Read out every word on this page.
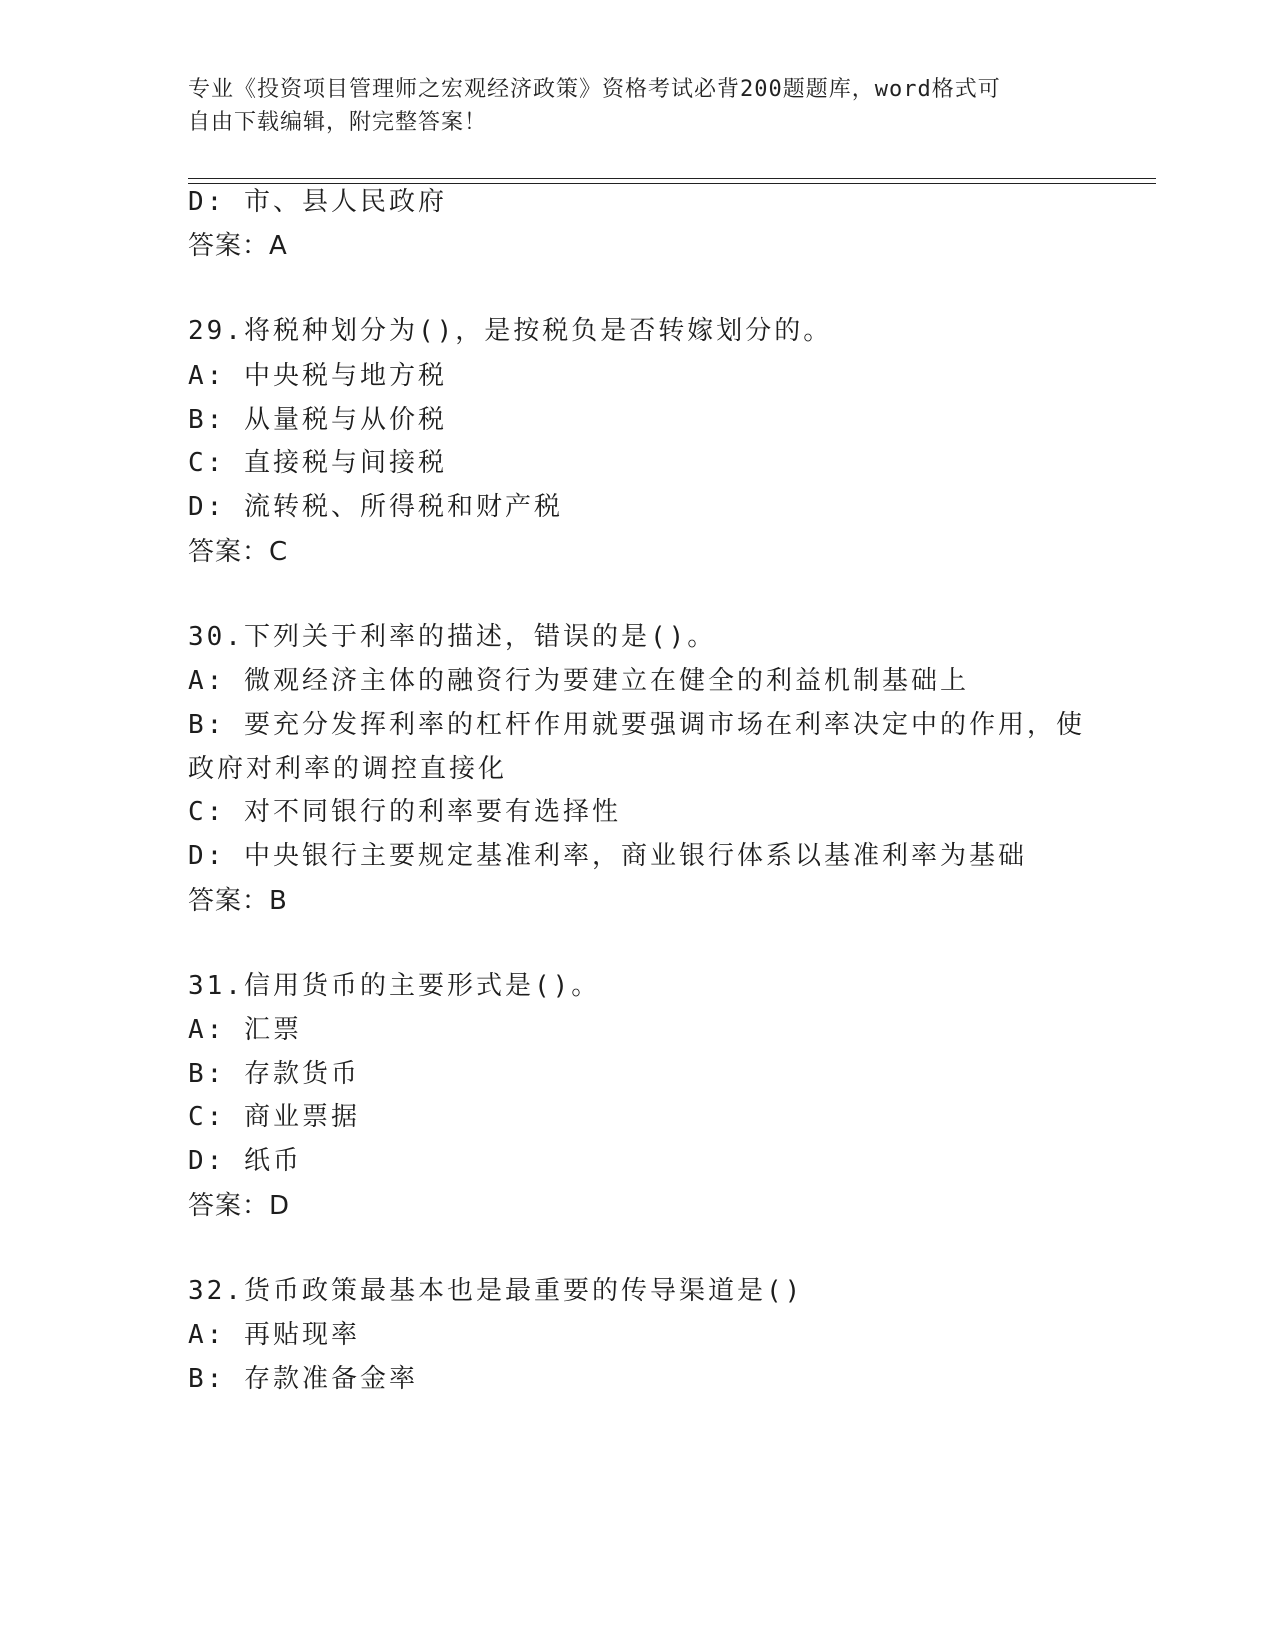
专业《投资项目管理师之宏观经济政策》资格考试必背200题题库，word格式可
自由下载编辑，附完整答案！
D: 市、县人民政府
答案：A
29.将税种划分为()，是按税负是否转嫁划分的。
A: 中央税与地方税
B: 从量税与从价税
C: 直接税与间接税
D: 流转税、所得税和财产税
答案：C
30.下列关于利率的描述，错误的是()。
A: 微观经济主体的融资行为要建立在健全的利益机制基础上
B: 要充分发挥利率的杠杆作用就要强调市场在利率决定中的作用，使
政府对利率的调控直接化
C: 对不同银行的利率要有选择性
D: 中央银行主要规定基准利率，商业银行体系以基准利率为基础
答案：B
31.信用货币的主要形式是()。
A: 汇票
B: 存款货币
C: 商业票据
D: 纸币
答案：D
32.货币政策最基本也是最重要的传导渠道是()
A: 再贴现率
B: 存款准备金率
